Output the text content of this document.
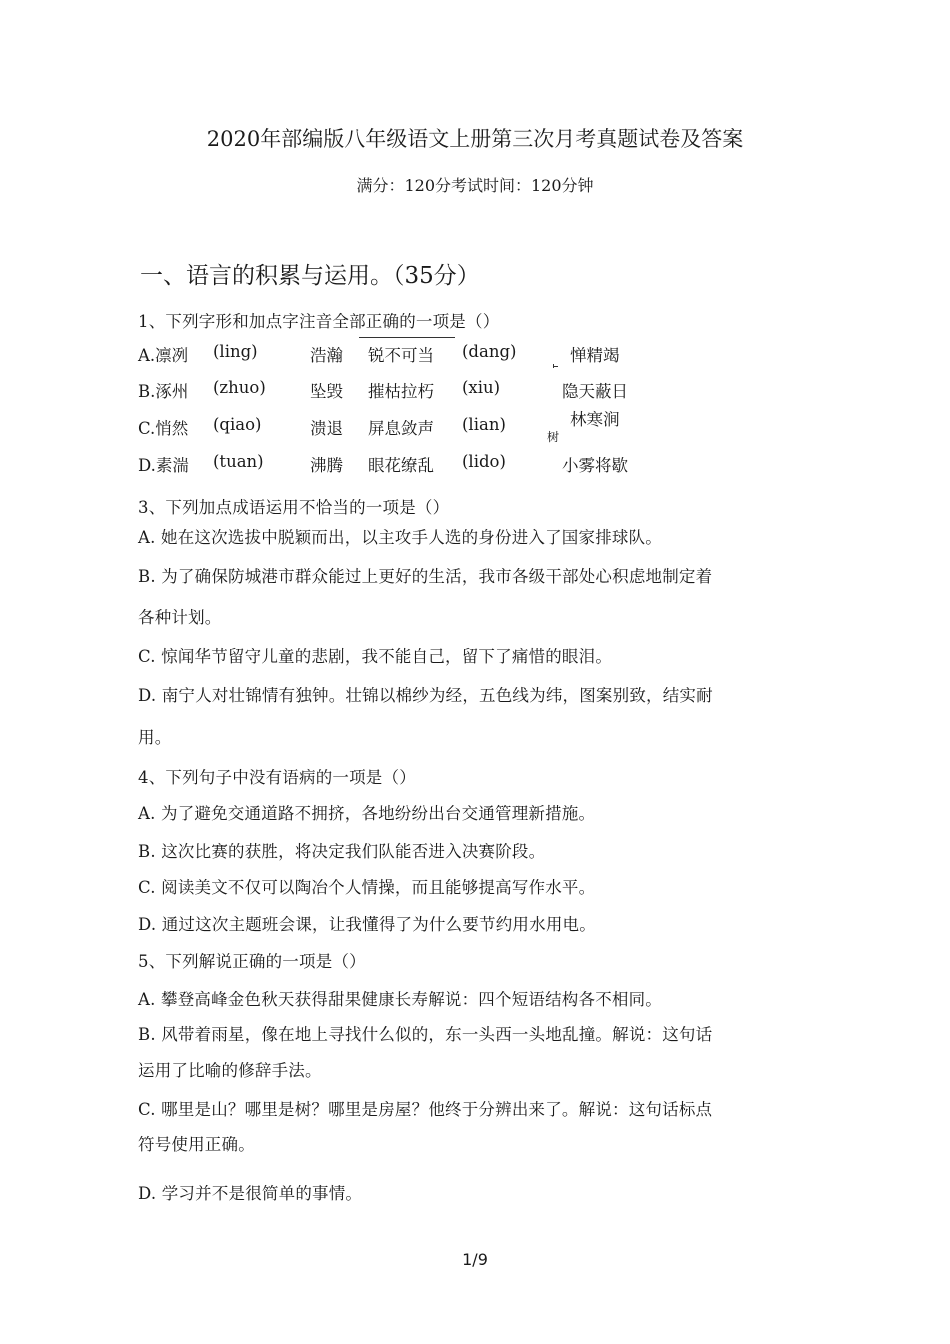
2020年部编版八年级语文上册第三次月考真题试卷及答案
满分：120分考试时间：120分钟
一、语言的积累与运用。（35分）
1、下列字形和加点字注音全部正确的一项是（）
A.凛冽 (ling)	浩瀚 锐不可当 (dang)	惮精竭
B.涿州 (zhuo)	坠毁 摧枯拉朽 (xiu)	隐天蔽日
C.悄然 (qiao)	溃退 屏息敛声 (lian)	林寒涧
树
D.素湍 (tuan)	沸腾 眼花缭乱 (lido)	小雾将歇
3、下列加点成语运用不恰当的一项是（）
A. 她在这次选拔中脱颖而出，以主攻手人选的身份进入了国家排球队。
B. 为了确保防城港市群众能过上更好的生活，我市各级干部处心积虑地制定着
各种计划。
C. 惊闻华节留守儿童的悲剧，我不能自己，留下了痛惜的眼泪。
D. 南宁人对壮锦情有独钟。壮锦以棉纱为经，五色线为纬，图案别致，结实耐
用。
4、下列句子中没有语病的一项是（）
A. 为了避免交通道路不拥挤，各地纷纷出台交通管理新措施。
B. 这次比赛的获胜，将决定我们队能否进入决赛阶段。
C. 阅读美文不仅可以陶冶个人情操，而且能够提高写作水平。
D. 通过这次主题班会课，让我懂得了为什么要节约用水用电。
5、下列解说正确的一项是（）
A. 攀登高峰金色秋天获得甜果健康长寿解说：四个短语结构各不相同。
B. 风带着雨星，像在地上寻找什么似的，东一头西一头地乱撞。解说：这句话
运用了比喻的修辞手法。
C. 哪里是山？哪里是树？哪里是房屋？他终于分辨出来了。解说：这句话标点
符号使用正确。
D. 学习并不是很简单的事情。
1/9
